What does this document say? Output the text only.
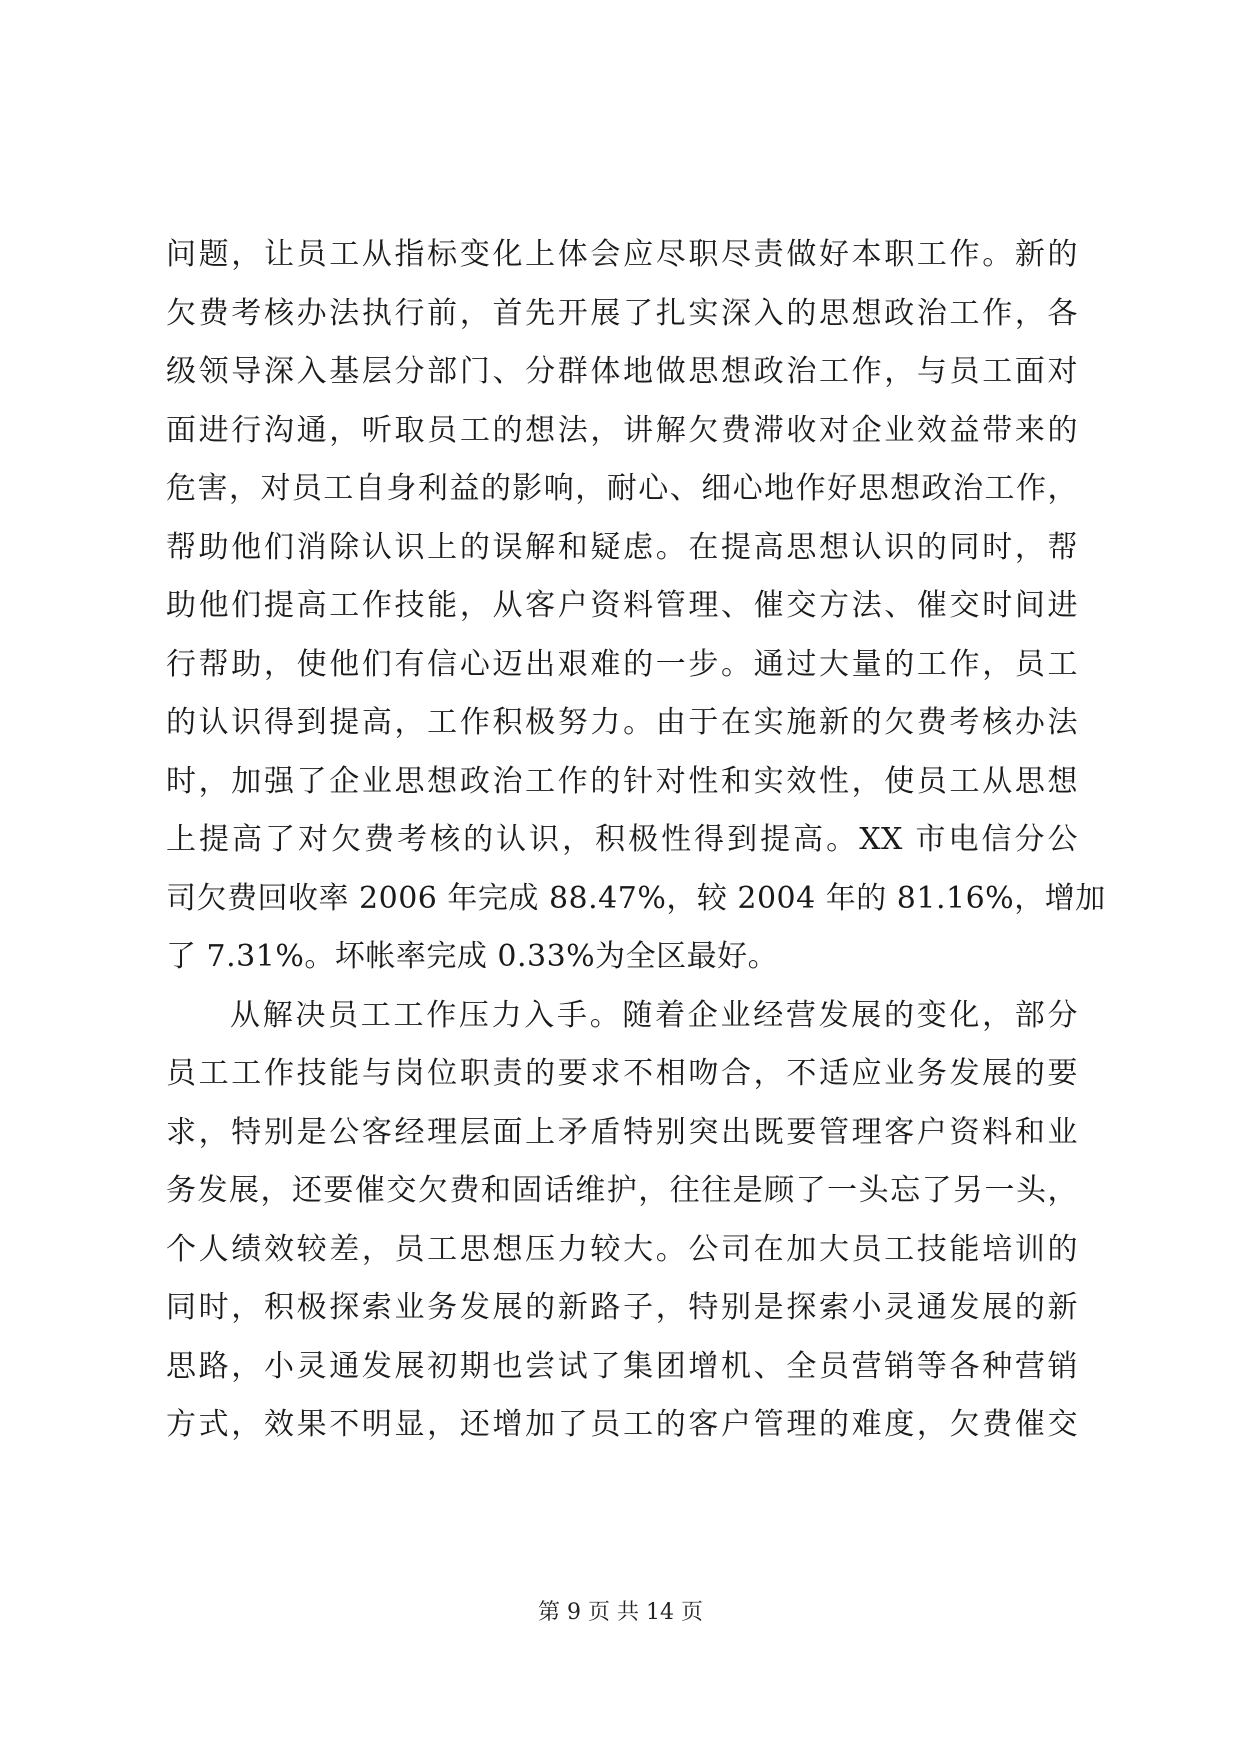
问题，让员工从指标变化上体会应尽职尽责做好本职工作。新的
欠费考核办法执行前，首先开展了扎实深入的思想政治工作，各
级领导深入基层分部门、分群体地做思想政治工作，与员工面对
面进行沟通，听取员工的想法，讲解欠费滞收对企业效益带来的
危害，对员工自身利益的影响，耐心、细心地作好思想政治工作，
帮助他们消除认识上的误解和疑虑。在提高思想认识的同时，帮
助他们提高工作技能，从客户资料管理、催交方法、催交时间进
行帮助，使他们有信心迈出艰难的一步。通过大量的工作，员工
的认识得到提高，工作积极努力。由于在实施新的欠费考核办法
时，加强了企业思想政治工作的针对性和实效性，使员工从思想
上提高了对欠费考核的认识，积极性得到提高。XX 市电信分公
司欠费回收率 2006 年完成 88.47%，较 2004 年的 81.16%，增加
了 7.31%。坏帐率完成 0.33%为全区最好。
从解决员工工作压力入手。随着企业经营发展的变化，部分
员工工作技能与岗位职责的要求不相吻合，不适应业务发展的要
求，特别是公客经理层面上矛盾特别突出既要管理客户资料和业
务发展，还要催交欠费和固话维护，往往是顾了一头忘了另一头，
个人绩效较差，员工思想压力较大。公司在加大员工技能培训的
同时，积极探索业务发展的新路子，特别是探索小灵通发展的新
思路，小灵通发展初期也尝试了集团增机、全员营销等各种营销
方式，效果不明显，还增加了员工的客户管理的难度，欠费催交
第 9 页 共 14 页
